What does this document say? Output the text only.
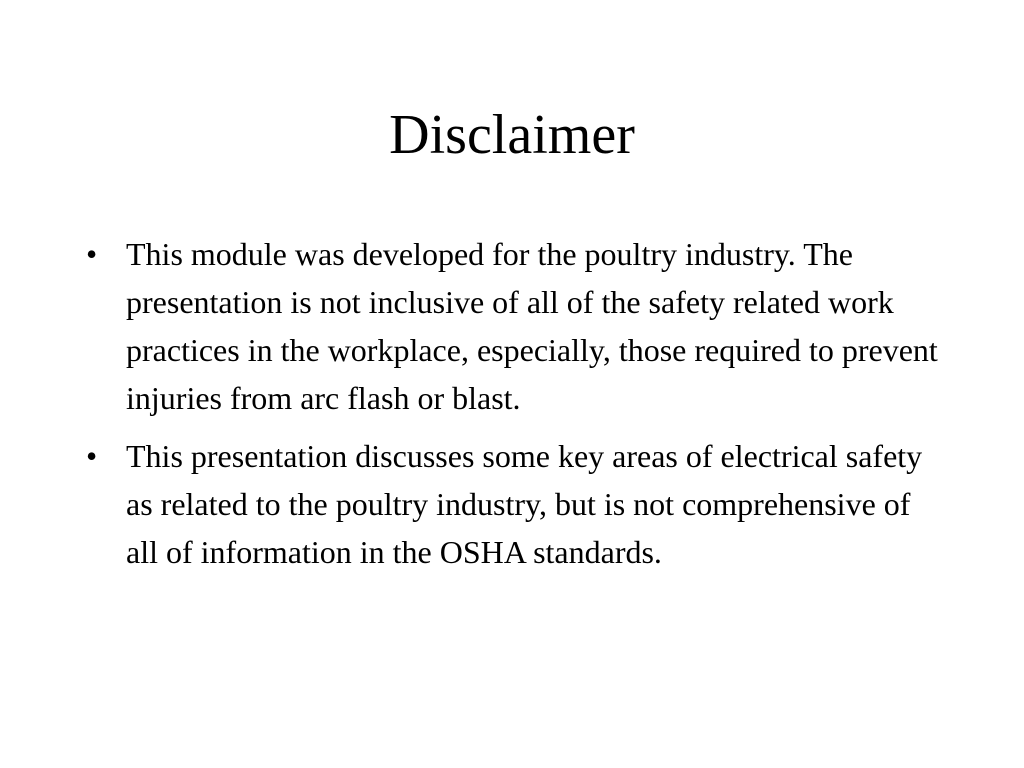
Disclaimer
• This module was developed for the poultry industry. The presentation is not inclusive of all of the safety related work practices in the workplace, especially, those required to prevent injuries from arc flash or blast.
• This presentation discusses some key areas of electrical safety as related to the poultry industry, but is not comprehensive of all of information in the OSHA standards.
